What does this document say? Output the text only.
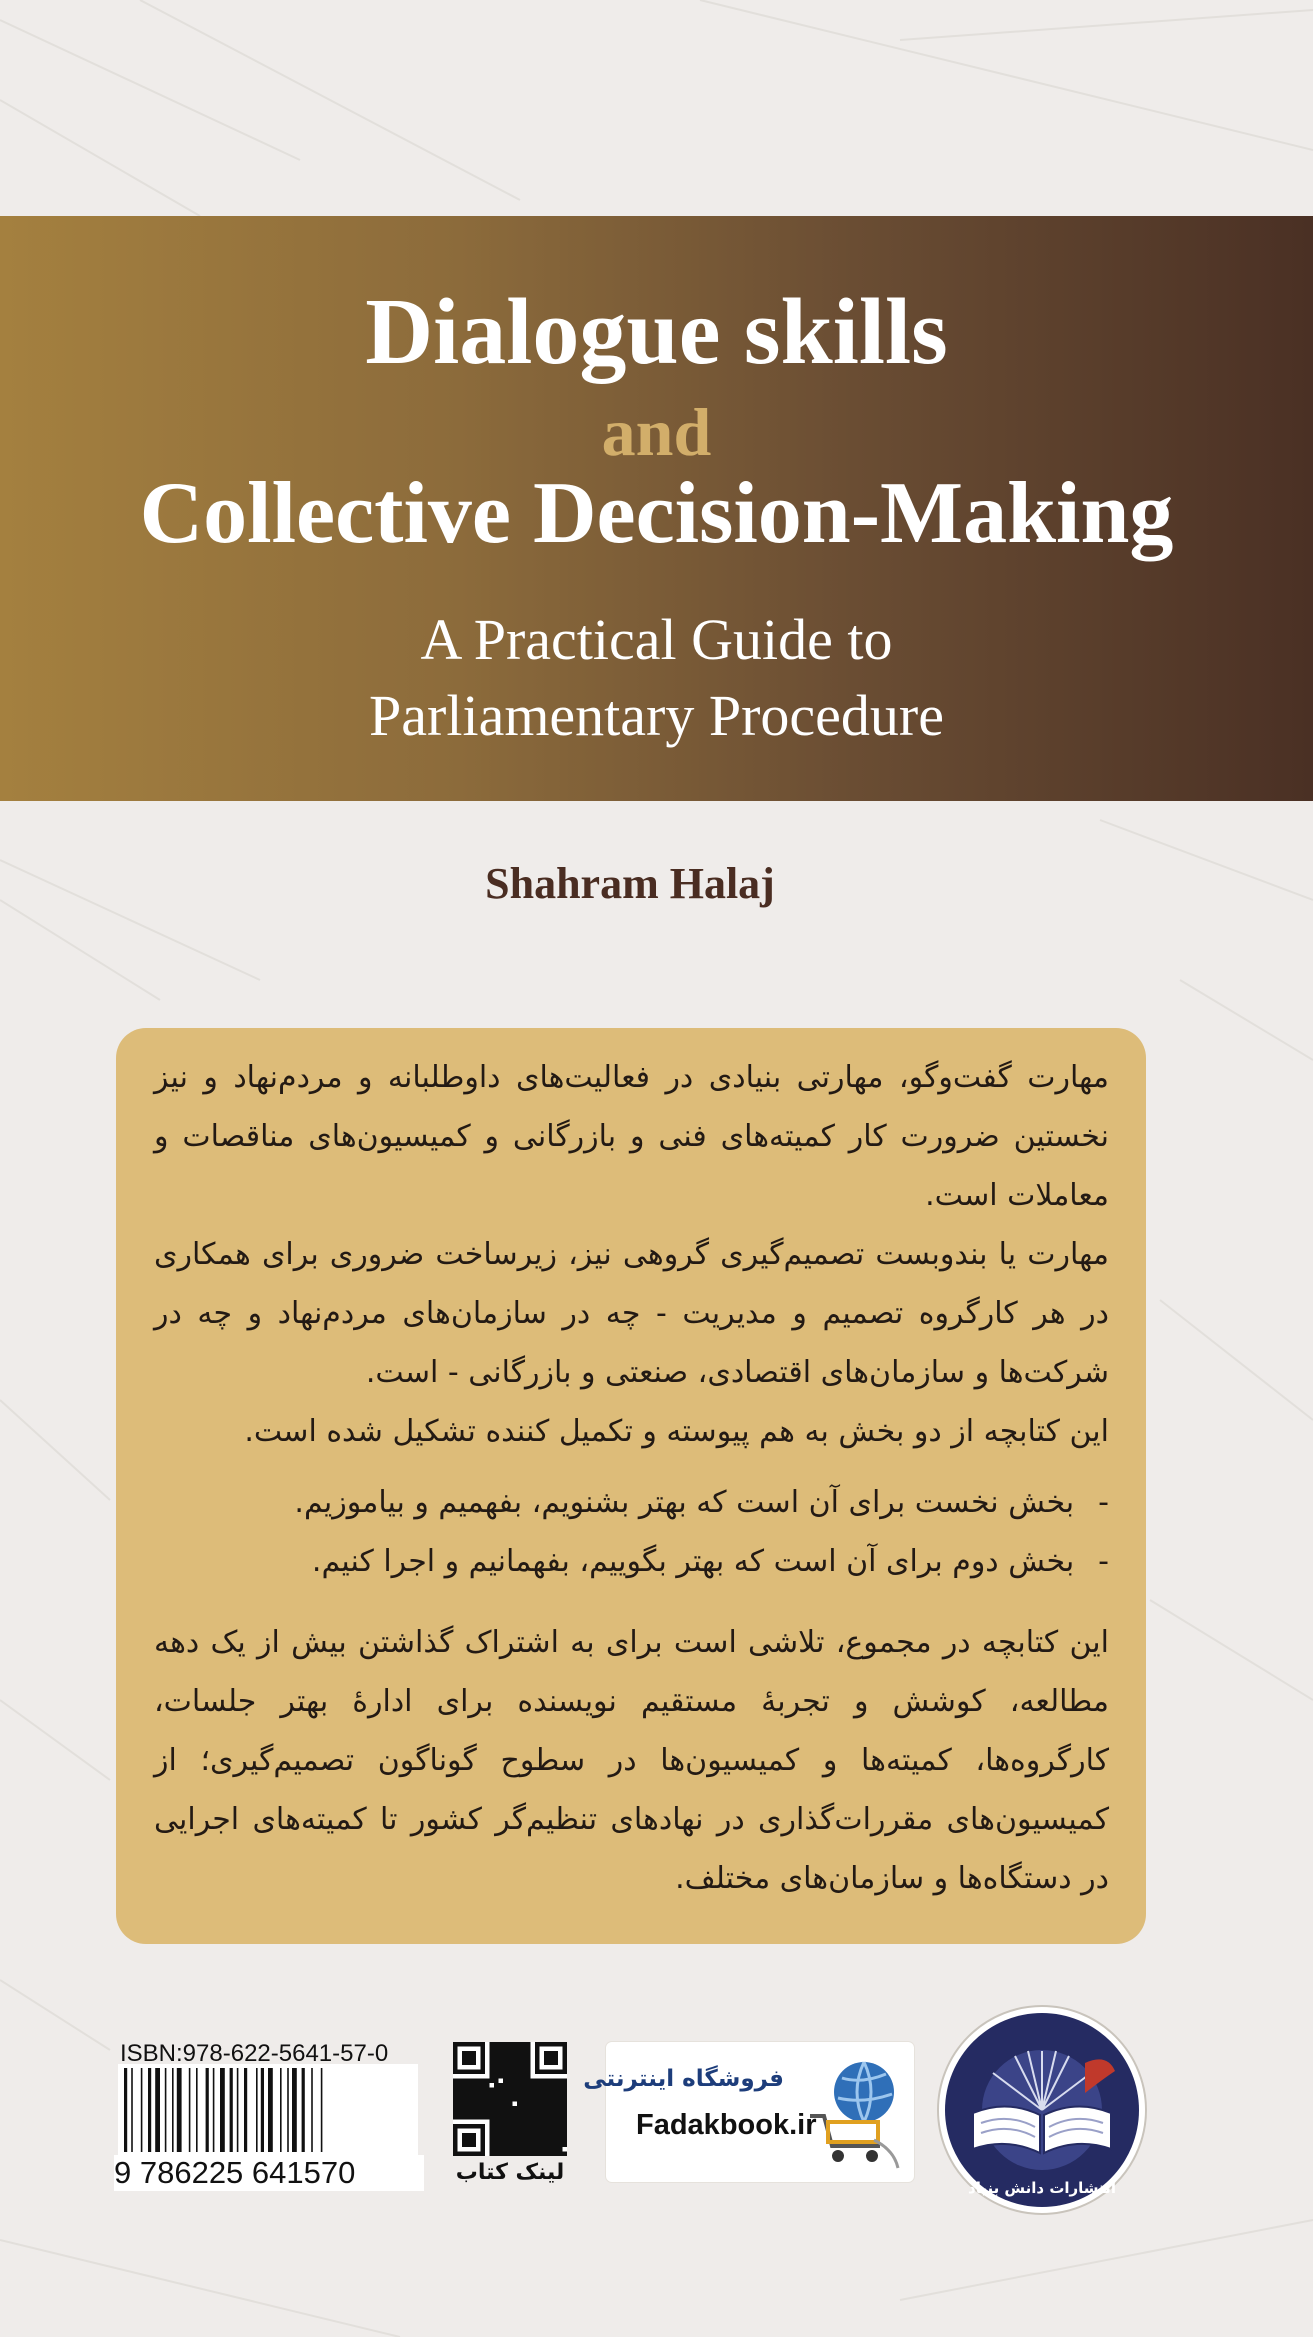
Dialogue skills
and
Collective Decision-Making
A Practical Guide to
Parliamentary Procedure
Shahram Halaj

مهارت گفت‌وگو، مهارتی بنیادی در فعالیت‌های داوطلبانه و مردم‌نهاد و نیز نخستین ضرورت کار کمیته‌های فنی و بازرگانی و کمیسیون‌های مناقصات و معاملات است.

مهارت یا بندوبست تصمیم‌گیری گروهی نیز، زیرساخت ضروری برای همکاری در هر کارگروه تصمیم و مدیریت - چه در سازمان‌های مردم‌نهاد و چه در شرکت‌ها و سازمان‌های اقتصادی، صنعتی و بازرگانی - است.

این کتابچه از دو بخش به هم پیوسته و تکمیل کننده تشکیل شده است.

-بخش نخست برای آن است که بهتر بشنویم، بفهمیم و بیاموزیم.
-بخش دوم برای آن است که بهتر بگوییم، بفهمانیم و اجرا کنیم.

این کتابچه در مجموع، تلاشی است برای به اشتراک گذاشتن بیش از یک دهه مطالعه، کوشش و تجربهٔ مستقیم نویسنده برای ادارهٔ بهتر جلسات، کارگروه‌ها، کمیته‌ها و کمیسیون‌ها در سطوح گوناگون تصمیم‌گیری؛ از کمیسیون‌های مقررات‌گذاری در نهادهای تنظیم‌گر کشور تا کمیته‌های اجرایی در دستگاه‌ها و سازمان‌های مختلف.

ISBN:978-622-5641-57-0
9 786225 641570	لینک کتاب
فروشگاه اینترنتی
Fadakbook.ir
انتشارات دانش بنیاد
